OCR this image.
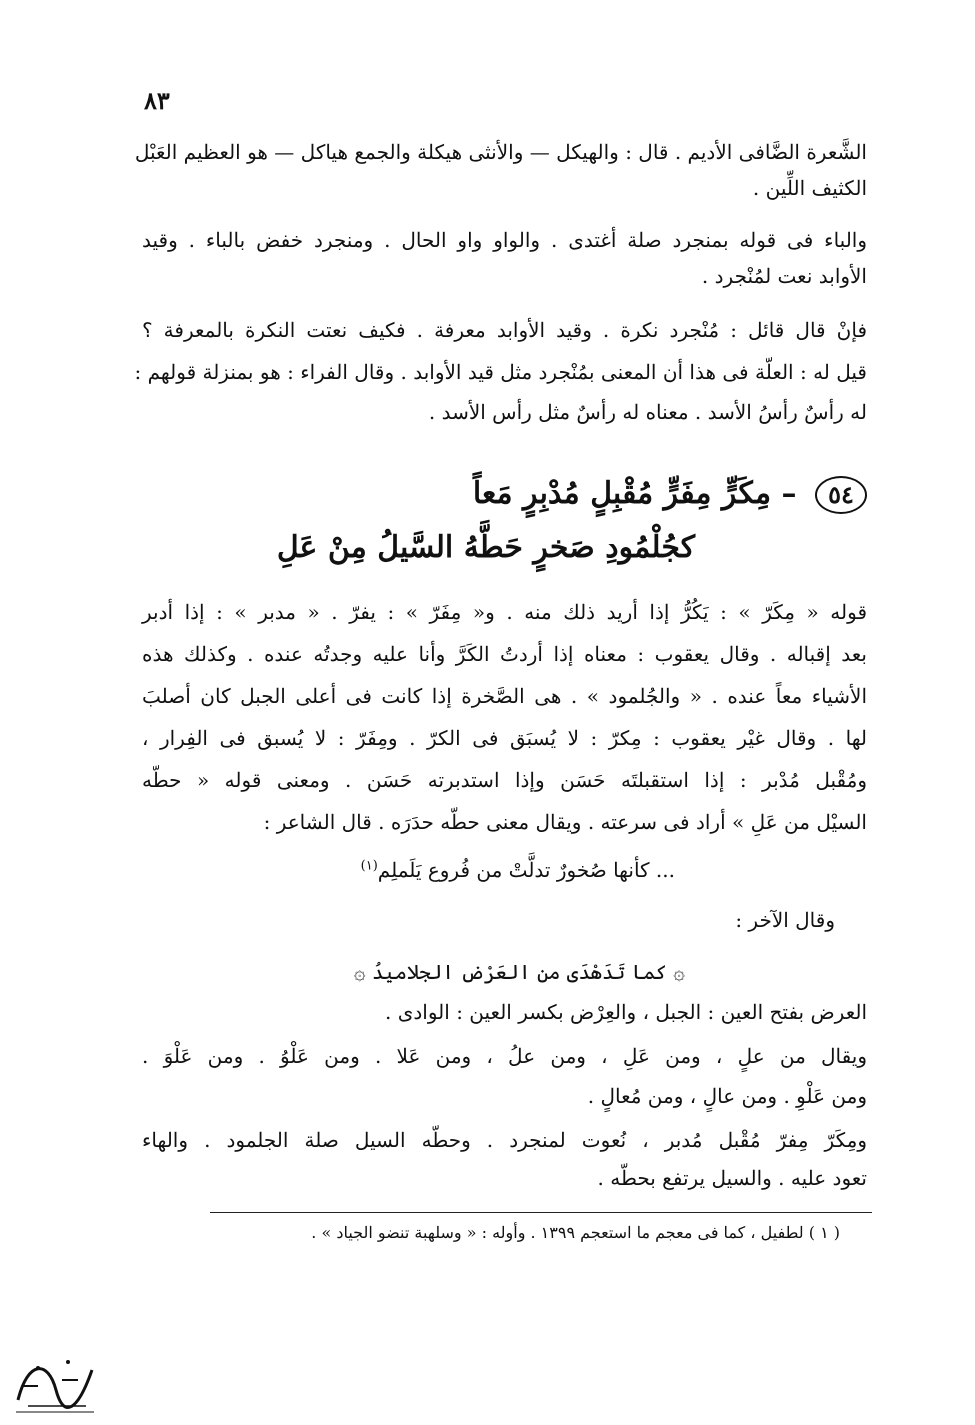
٨٣
الشَّعرة الضَّافى الأديم . قال : والهيكل — والأنثى هيكلة والجمع هياكل — هو العظيم العَبْل
الكثيف اللِّين .
والباء فى قوله بمنجرد صلة أغتدى . والواو واو الحال . ومنجرد خفض بالباء . وقيد
الأوابد نعت لمُنْجرد .
فإنْ قال قائل : مُنْجرد نكرة . وقيد الأوابد معرفة . فكيف نعتت النكرة بالمعرفة ؟
قيل له : العلّة فى هذا أن المعنى بمُنْجرد مثل قيد الأوابد . وقال الفراء : هو بمنزلة قولهم :
له رأسٌ رأسُ الأسد . معناه له رأسٌ مثل رأس الأسد .
٥٤ – مِكَرٍّ مِفَرٍّ مُقْبِلٍ مُدْبِرٍ مَعاً
كجُلْمُودِ صَخرٍ حَطَّهُ السَّيلُ مِنْ عَلِ
قوله « مِكَرّ » : يَكُرُّ إذا أريد ذلك منه . و« مِفَرّ » : يفرّ . « مدبر » : إذا أدبر
بعد إقباله . وقال يعقوب : معناه إذا أردتُ الكَرَّ وأنا عليه وجدتُه عنده . وكذلك هذه
الأشياء معاً عنده . « والجُلمود » . هى الصَّخرة إذا كانت فى أعلى الجبل كان أصلبَ
لها . وقال غيْر يعقوب : مِكرّ : لا يُسبَق فى الكرّ . ومِفَرّ : لا يُسبق فى الفِرار ،
ومُقْبل مُدْبر : إذا استقبلتَه حَسَن وإذا استدبرته حَسَن . ومعنى قوله « حطّه
السيْل من عَلِ » أراد فى سرعته . ويقال معنى حطّه حدَرَه . قال الشاعر :
... كأنها صُخورٌ تدلَّتْ من فُروع يَلَملِم$^{(١)}$
وقال الآخر :
۞ كما تَدَهْدَى من العَرْض الجلاميدُ ۞
العرض بفتح العين : الجبل ، والعِرْض بكسر العين : الوادى .
ويقال من علٍ ، ومن عَلِ ، ومن علُ ، ومن عَلا . ومن عَلْوُ . ومن عَلْوَ .
ومن عَلْوِ . ومن عالٍ ، ومن مُعالٍ .
ومِكَرّ مِفرّ مُقْبل مُدبر ، نُعوت لمنجرد . وحطّه السيل صلة الجلمود . والهاء
تعود عليه . والسيل يرتفع بحطّه .
( ١ ) لطفيل ، كما فى معجم ما استعجم ١٣٩٩ . وأوله : « وسلهبة تنضو الجياد » .
